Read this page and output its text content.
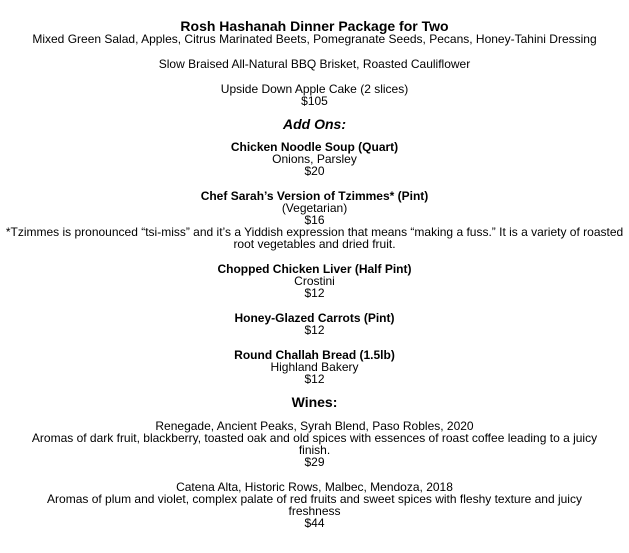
Rosh Hashanah Dinner Package for Two
Mixed Green Salad, Apples, Citrus Marinated Beets, Pomegranate Seeds, Pecans, Honey-Tahini Dressing
Slow Braised All-Natural BBQ Brisket, Roasted Cauliflower
Upside Down Apple Cake (2 slices)
$105
Add Ons:
Chicken Noodle Soup (Quart)
Onions, Parsley
$20
Chef Sarah’s Version of Tzimmes* (Pint)
(Vegetarian)
$16
*Tzimmes is pronounced “tsi-miss” and it’s a Yiddish expression that means “making a fuss.” It is a variety of roasted root vegetables and dried fruit.
Chopped Chicken Liver (Half Pint)
Crostini
$12
Honey-Glazed Carrots (Pint)
$12
Round Challah Bread (1.5lb)
Highland Bakery
$12
Wines:
Renegade, Ancient Peaks, Syrah Blend, Paso Robles, 2020
Aromas of dark fruit, blackberry, toasted oak and old spices with essences of roast coffee leading to a juicy finish.
$29
Catena Alta, Historic Rows, Malbec, Mendoza, 2018
Aromas of plum and violet, complex palate of red fruits and sweet spices with fleshy texture and juicy freshness
$44
